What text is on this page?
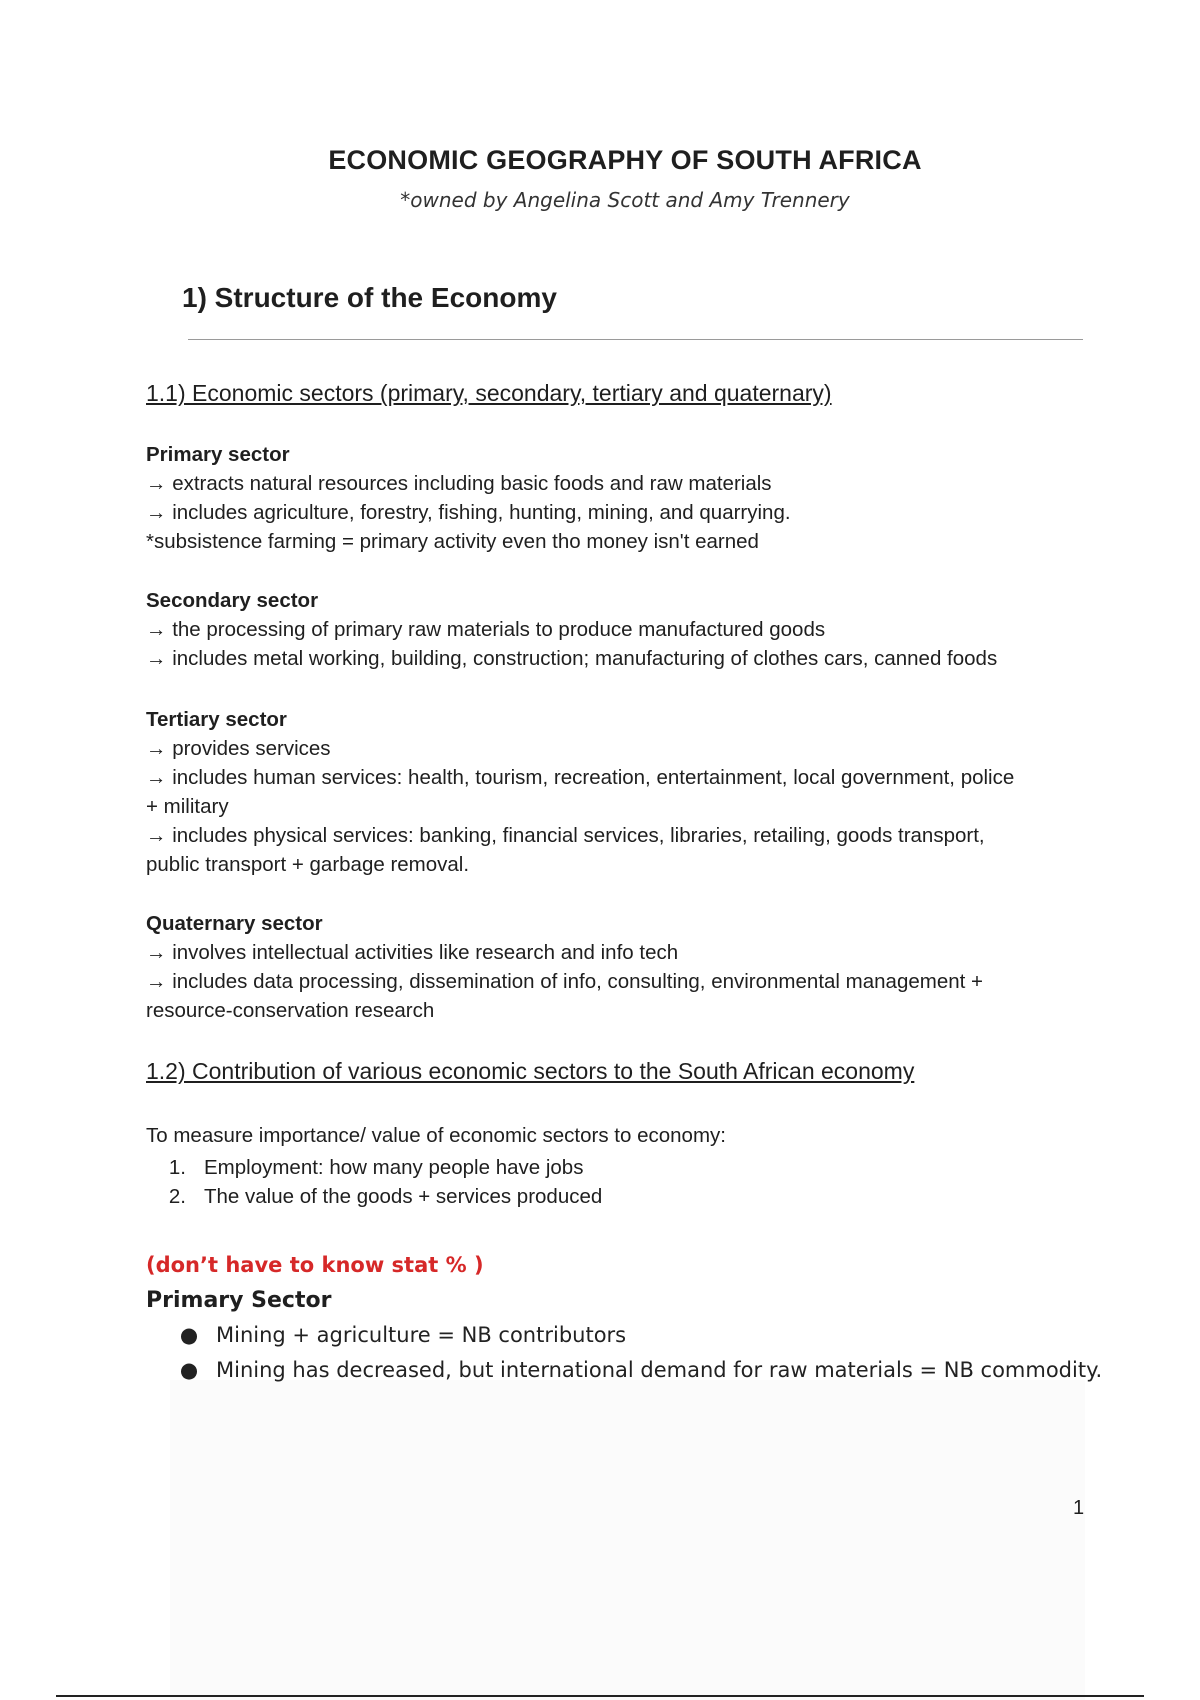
ECONOMIC GEOGRAPHY OF SOUTH AFRICA
*owned by Angelina Scott and Amy Trennery
1) Structure of the Economy
1.1) Economic sectors (primary, secondary, tertiary and quaternary)
Primary sector
→ extracts natural resources including basic foods and raw materials
→ includes agriculture, forestry, fishing, hunting, mining, and quarrying.
*subsistence farming = primary activity even tho money isn't earned
Secondary sector
→ the processing of primary raw materials to produce manufactured goods
→ includes metal working, building, construction; manufacturing of clothes cars, canned foods
Tertiary sector
→ provides services
→ includes human services: health, tourism, recreation, entertainment, local government, police
+ military
→ includes physical services: banking, financial services, libraries, retailing, goods transport,
public transport + garbage removal.
Quaternary sector
→ involves intellectual activities like research and info tech
→ includes data processing, dissemination of info, consulting, environmental management +
resource-conservation research
1.2) Contribution of various economic sectors to the South African economy
To measure importance/ value of economic sectors to economy:
1. Employment: how many people have jobs
2. The value of the goods + services produced
(don’t have to know stat % )
Primary Sector
● Mining + agriculture = NB contributors
● Mining has decreased, but international demand for raw materials = NB commodity.
1
